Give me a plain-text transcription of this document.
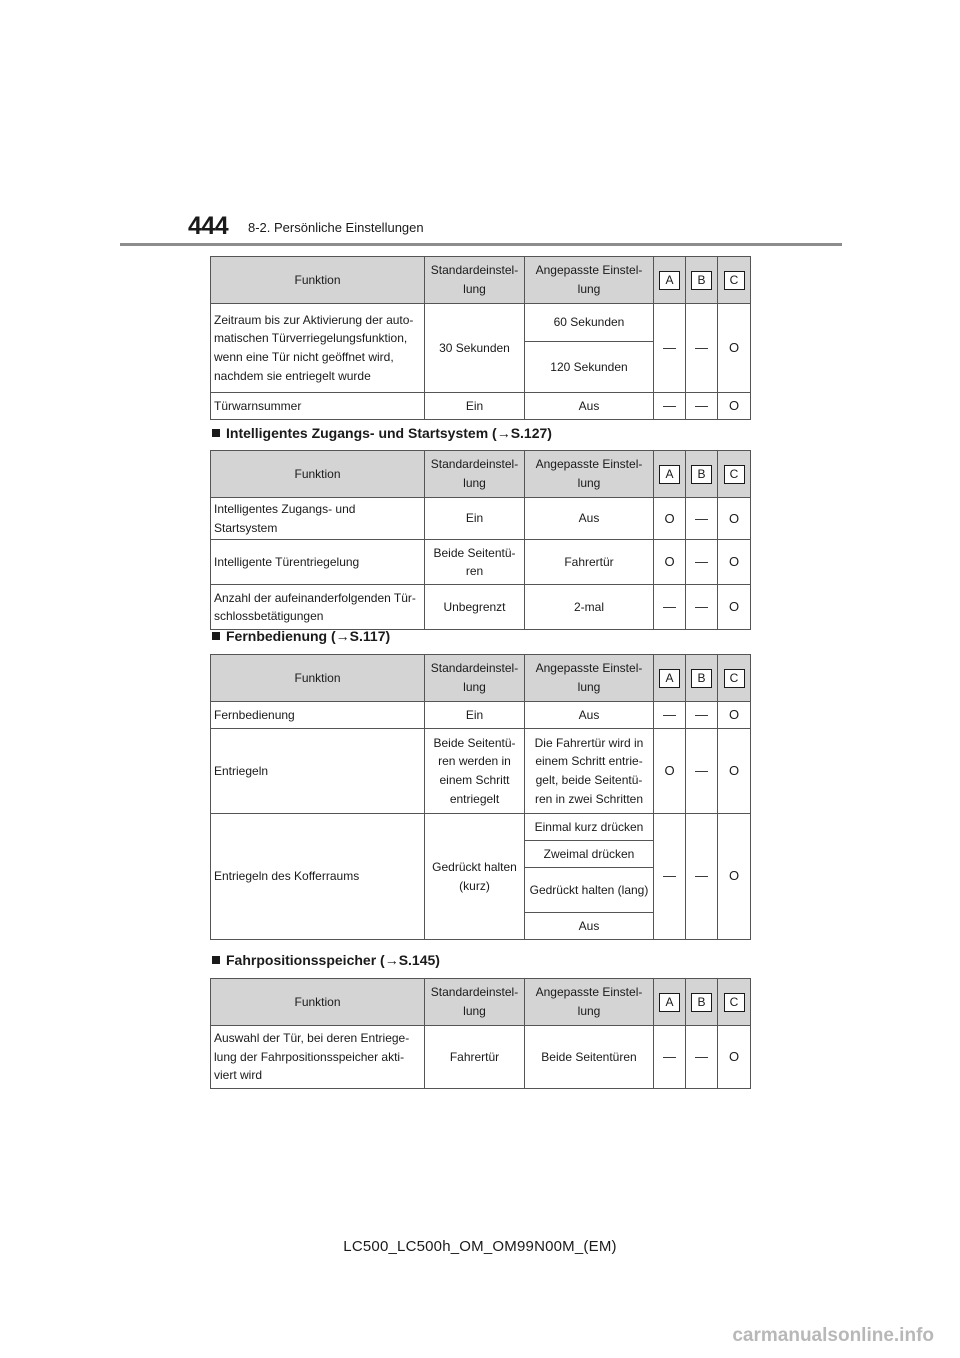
444 8-2. Persönliche Einstellungen
Funktion	Standardeinstel-lung	Angepasste Einstel-lung	A	B	C
Zeitraum bis zur Aktivierung der auto-matischen Türverriegelungsfunktion, wenn eine Tür nicht geöffnet wird, nachdem sie entriegelt wurde	30 Sekunden	60 Sekunden	—	—	O
		120 Sekunden			
Türwarnsummer	Ein	Aus	—	—	O
Intelligentes Zugangs- und Startsystem (→S.127)
Funktion	Standardeinstel-lung	Angepasste Einstel-lung	A	B	C
Intelligentes Zugangs- und Startsystem	Ein	Aus	O	—	O
Intelligente Türentriegelung	Beide Seitentü-ren	Fahrertür	O	—	O
Anzahl der aufeinanderfolgenden Tür-schlossbetätigungen	Unbegrenzt	2-mal	—	—	O
Fernbedienung (→S.117)
Funktion	Standardeinstel-lung	Angepasste Einstel-lung	A	B	C
Fernbedienung	Ein	Aus	—	—	O
Entriegeln	Beide Seitentü-ren werden in einem Schritt entriegelt	Die Fahrertür wird in einem Schritt entrie-gelt, beide Seitentü-ren in zwei Schritten	O	—	O
Entriegeln des Kofferraums	Gedrückt halten (kurz)	Einmal kurz drücken	—	—	O
		Zweimal drücken			
		Gedrückt halten (lang)			
		Aus			
Fahrpositionsspeicher (→S.145)
Funktion	Standardeinstel-lung	Angepasste Einstel-lung	A	B	C
Auswahl der Tür, bei deren Entriege-lung der Fahrpositionsspeicher akti-viert wird	Fahrertür	Beide Seitentüren	—	—	O
LC500_LC500h_OM_OM99N00M_(EM)
carmanualsonline.info
